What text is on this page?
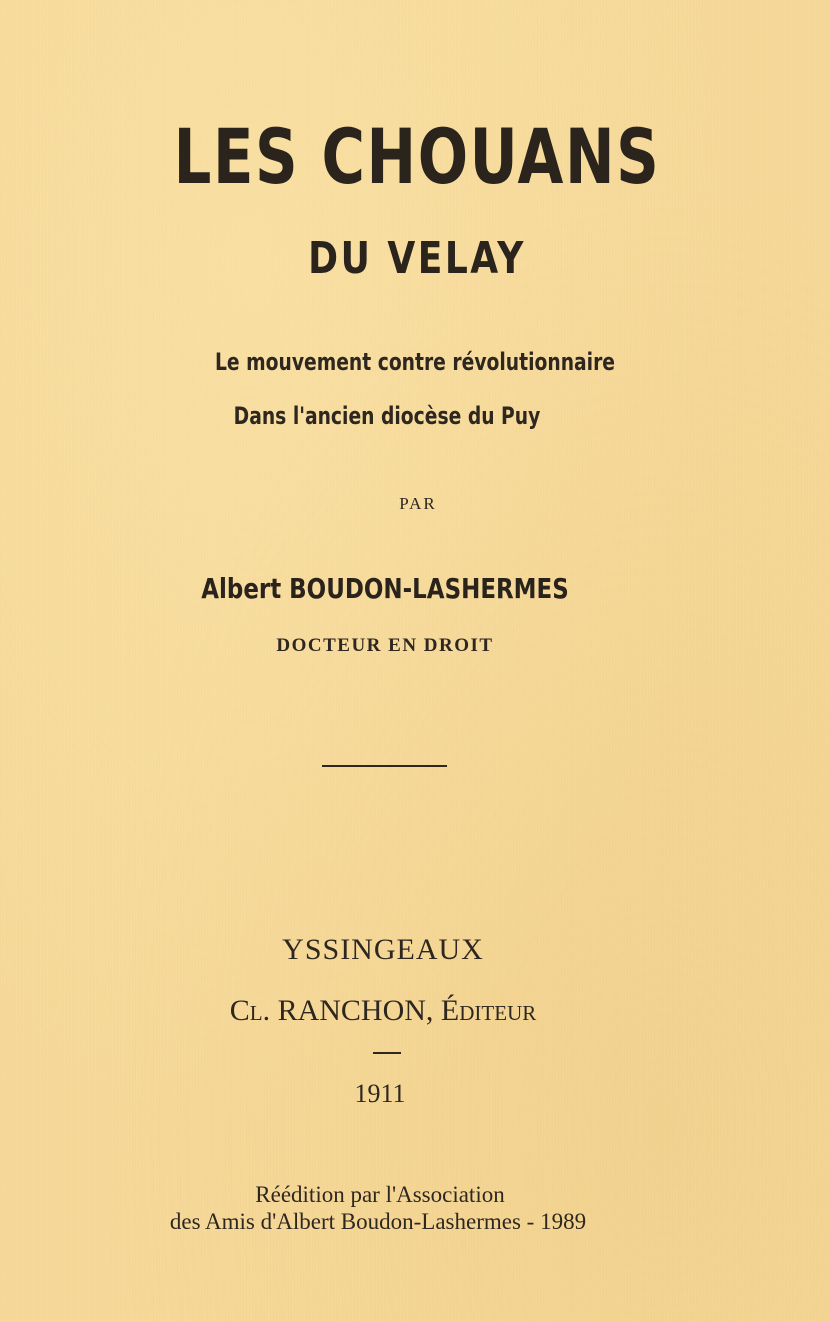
LES CHOUANS
DU VELAY

Le mouvement contre révolutionnaire

Dans l'ancien diocèse du Puy

PAR

Albert BOUDON-LASHERMES

DOCTEUR EN DROIT

YSSINGEAUX

Cl. RANCHON, Éditeur

1911

Réédition par l'Association

des Amis d'Albert Boudon-Lashermes - 1989
